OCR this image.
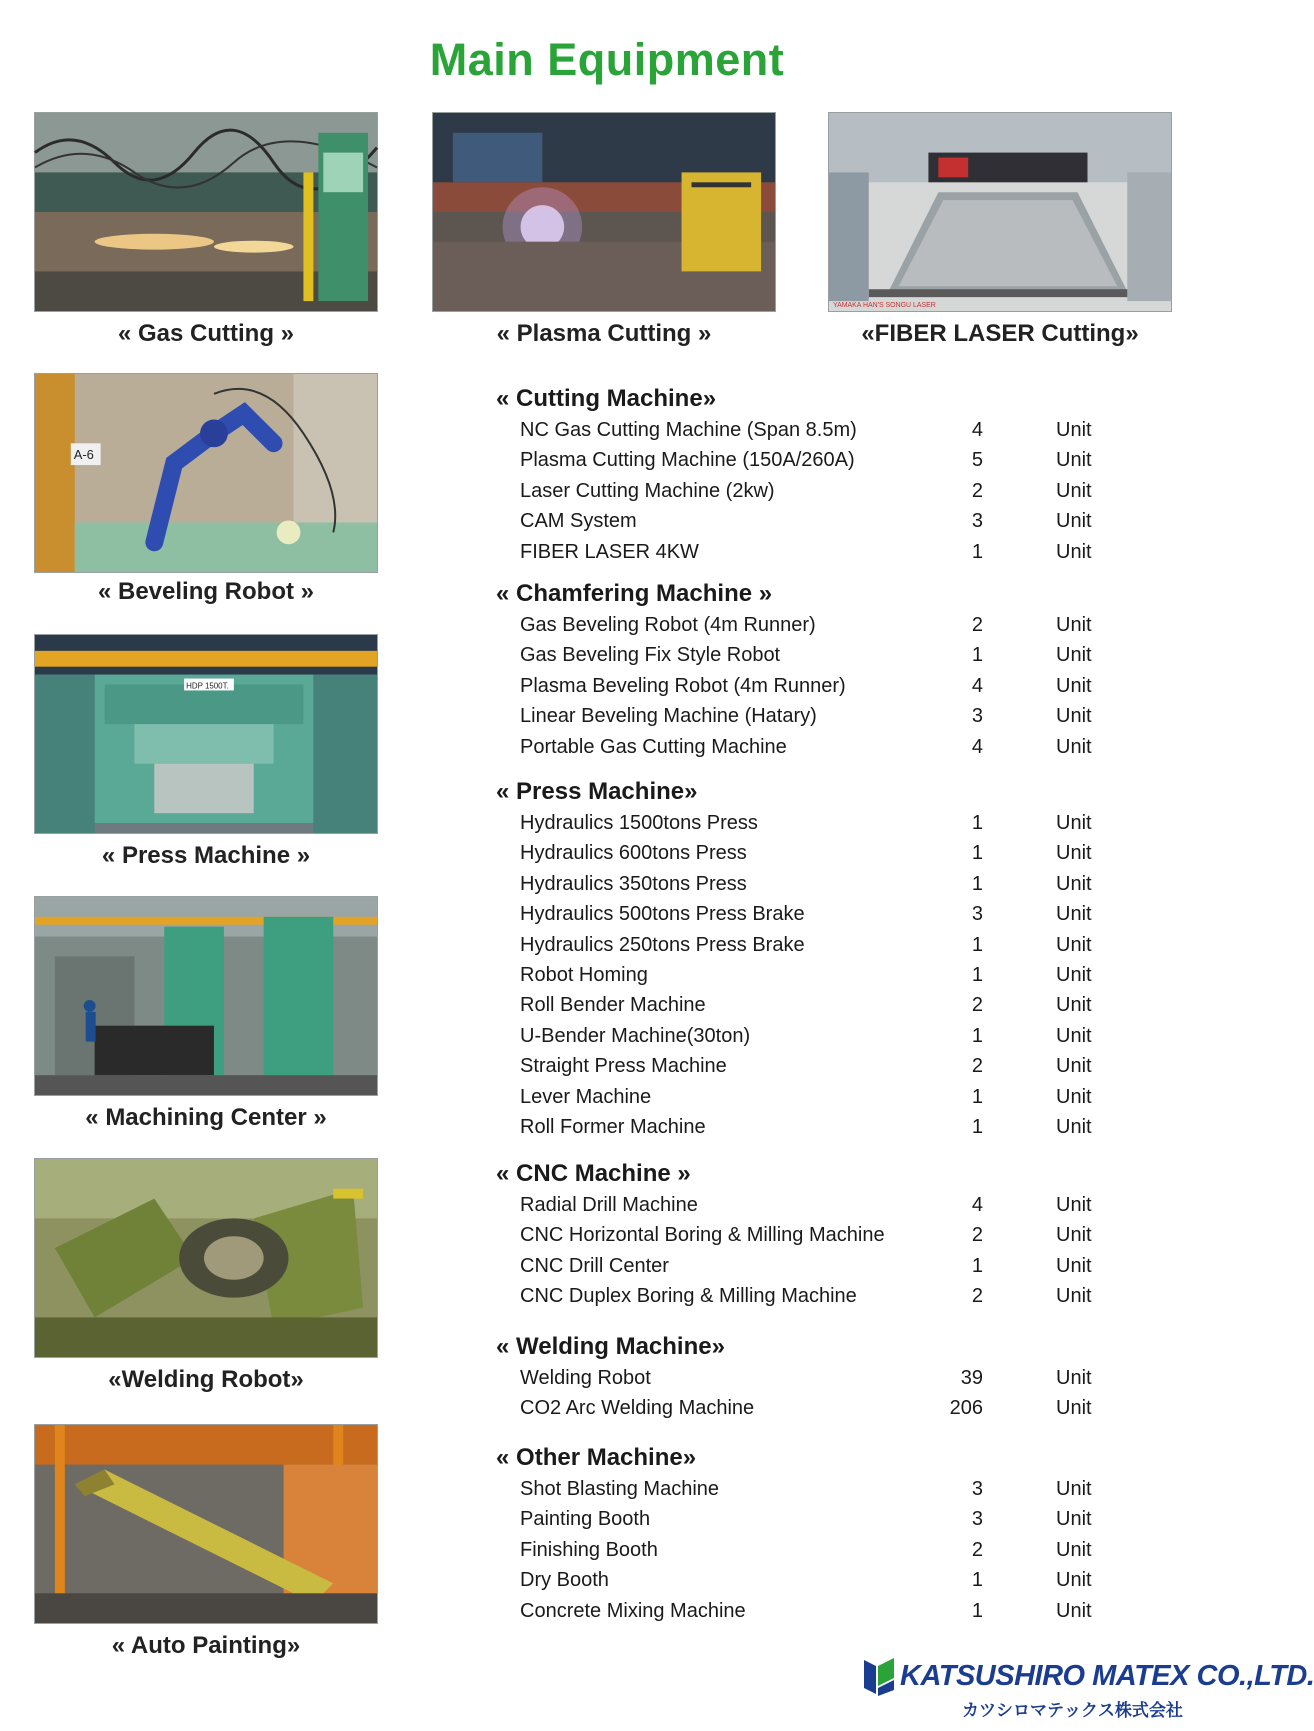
Main Equipment
« Gas Cutting »	« Plasma Cutting »
YAMAKA HAN'S SONGU LASER
«FIBER LASER Cutting»
A-6
« Beveling Robot »
HDP 1500T.
« Press Machine »
« Machining Center »
«Welding Robot»
« Auto Painting»
« Cutting Machine»
NC Gas Cutting Machine (Span 8.5m)	4	Unit
Plasma Cutting Machine (150A/260A)	5	Unit
Laser Cutting Machine (2kw)	2	Unit
CAM System	3	Unit
FIBER LASER 4KW	1	Unit
« Chamfering Machine »
Gas Beveling Robot (4m Runner)	2	Unit
Gas Beveling Fix Style Robot	1	Unit
Plasma Beveling Robot (4m Runner)	4	Unit
Linear Beveling Machine (Hatary)	3	Unit
Portable Gas Cutting Machine	4	Unit
« Press Machine»
Hydraulics 1500tons Press	1	Unit
Hydraulics 600tons Press	1	Unit
Hydraulics 350tons Press	1	Unit
Hydraulics 500tons Press Brake	3	Unit
Hydraulics 250tons Press Brake	1	Unit
Robot Homing	1	Unit
Roll Bender Machine	2	Unit
U-Bender Machine(30ton)	1	Unit
Straight Press Machine	2	Unit
Lever Machine	1	Unit
Roll Former Machine	1	Unit
« CNC Machine »
Radial Drill Machine	4	Unit
CNC Horizontal Boring & Milling Machine	2	Unit
CNC Drill Center	1	Unit
CNC Duplex Boring & Milling Machine	2	Unit
« Welding Machine»
Welding Robot	39	Unit
CO2 Arc Welding Machine	206	Unit
« Other Machine»
Shot Blasting Machine	3	Unit
Painting Booth	3	Unit
Finishing Booth	2	Unit
Dry Booth	1	Unit
Concrete Mixing Machine	1	Unit
KATSUSHIRO MATEX CO.,LTD.
カツシロマテックス株式会社
